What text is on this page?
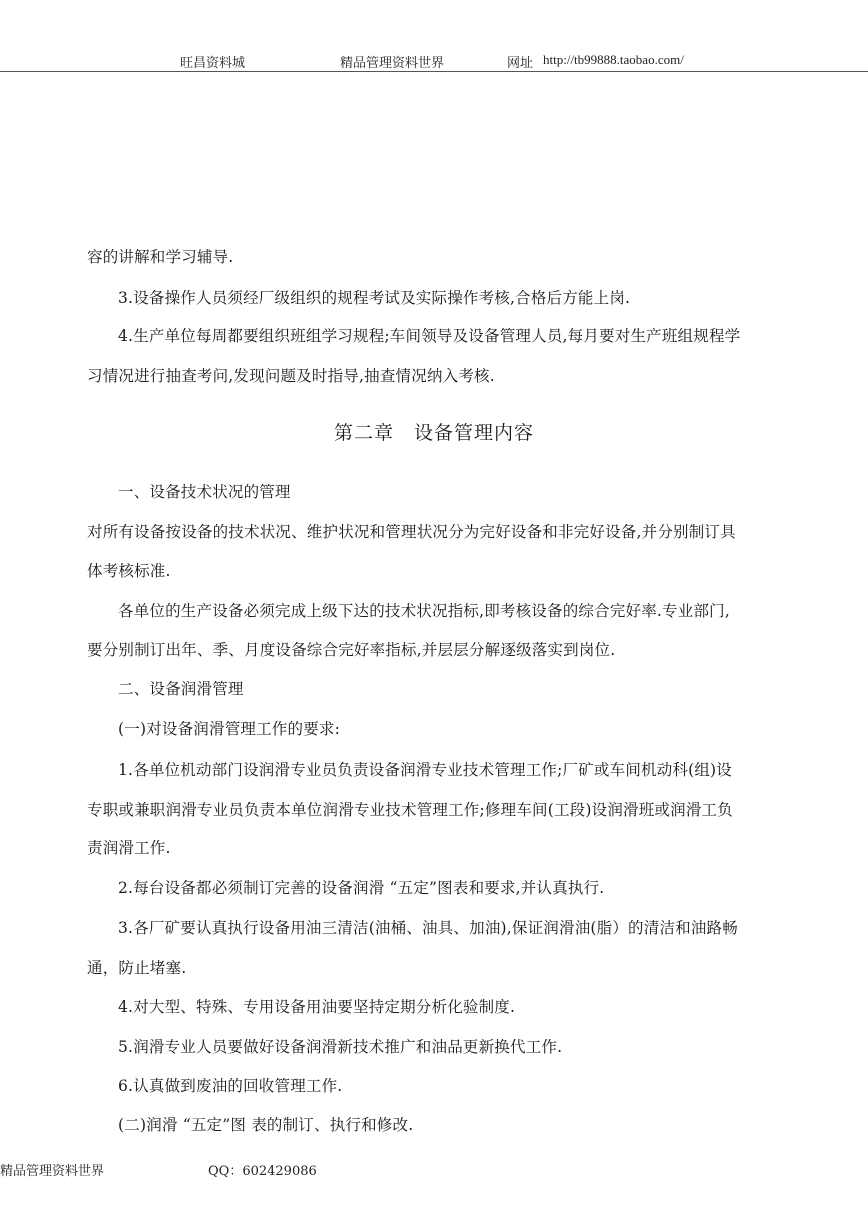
旺昌资料城	精品管理资料世界	网址 http://tb99888.taobao.com/
容的讲解和学习辅导.
3.设备操作人员须经厂级组织的规程考试及实际操作考核,合格后方能上岗.
4.生产单位每周都要组织班组学习规程;车间领导及设备管理人员,每月要对生产班组规程学
习情况进行抽查考问,发现问题及时指导,抽查情况纳入考核.
第二章　设备管理内容
一、设备技术状况的管理
对所有设备按设备的技术状况、维护状况和管理状况分为完好设备和非完好设备,并分别制订具
体考核标准.
各单位的生产设备必须完成上级下达的技术状况指标,即考核设备的综合完好率.专业部门,
要分别制订出年、季、月度设备综合完好率指标,并层层分解逐级落实到岗位.
二、设备润滑管理
(一)对设备润滑管理工作的要求:
1.各单位机动部门设润滑专业员负责设备润滑专业技术管理工作;厂矿或车间机动科(组)设
专职或兼职润滑专业员负责本单位润滑专业技术管理工作;修理车间(工段)设润滑班或润滑工负
责润滑工作.
2.每台设备都必须制订完善的设备润滑 “五定”图表和要求,并认真执行.
3.各厂矿要认真执行设备用油三清洁(油桶、油具、加油),保证润滑油(脂）的清洁和油路畅
通，防止堵塞.
4.对大型、特殊、专用设备用油要坚持定期分析化验制度.
5.润滑专业人员要做好设备润滑新技术推广和油品更新换代工作.
6.认真做到废油的回收管理工作.
(二)润滑 “五定”图 表的制订、执行和修改.
精品管理资料世界	QQ：602429086
